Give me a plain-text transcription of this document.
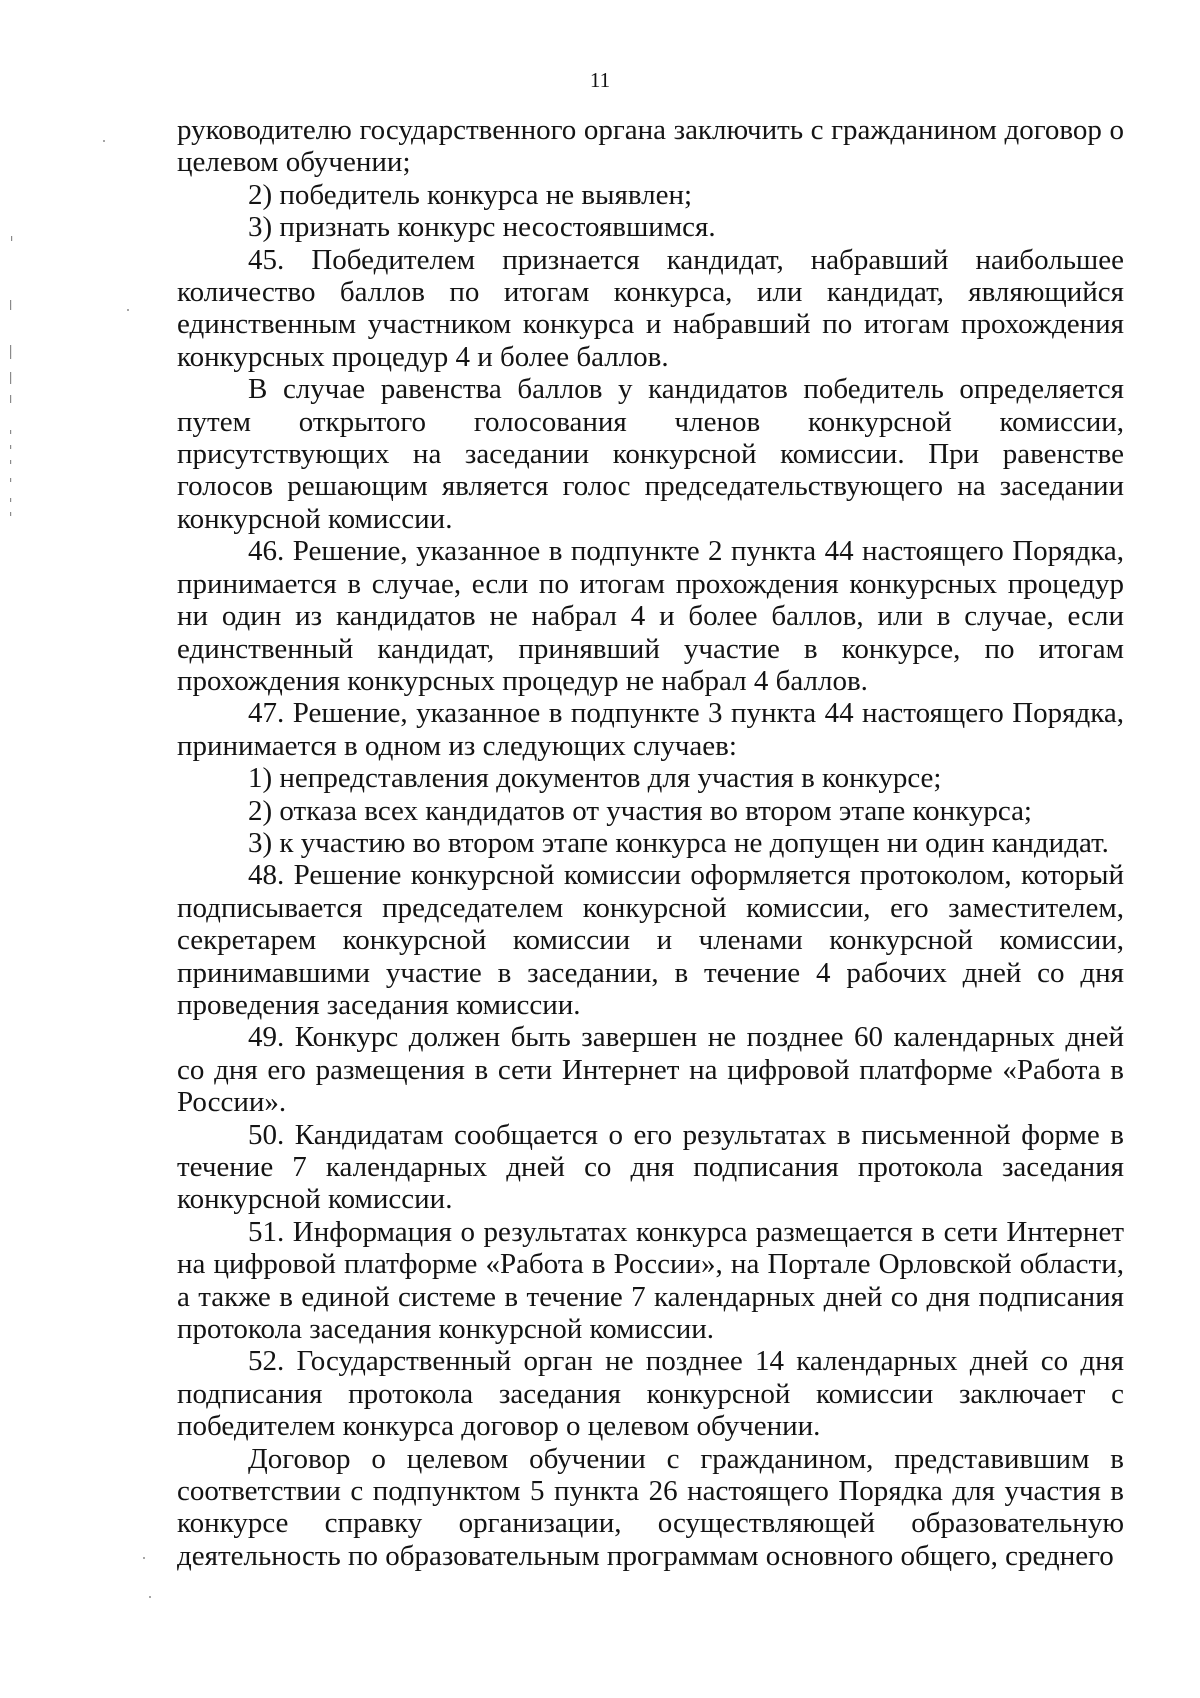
11

руководителю государственного органа заключить с гражданином договор о целевом обучении;

2) победитель конкурса не выявлен;

3) признать конкурс несостоявшимся.

45. Победителем признается кандидат, набравший наибольшее количество баллов по итогам конкурса, или кандидат, являющийся единственным участником конкурса и набравший по итогам прохождения конкурсных процедур 4 и более баллов.

В случае равенства баллов у кандидатов победитель определяется путем открытого голосования членов конкурсной комиссии, присутствующих на заседании конкурсной комиссии. При равенстве голосов решающим является голос председательствующего на заседании конкурсной комиссии.

46. Решение, указанное в подпункте 2 пункта 44 настоящего Порядка, принимается в случае, если по итогам прохождения конкурсных процедур ни один из кандидатов не набрал 4 и более баллов, или в случае, если единственный кандидат, принявший участие в конкурсе, по итогам прохождения конкурсных процедур не набрал 4 баллов.

47. Решение, указанное в подпункте 3 пункта 44 настоящего Порядка, принимается в одном из следующих случаев:

1) непредставления документов для участия в конкурсе;

2) отказа всех кандидатов от участия во втором этапе конкурса;

3) к участию во втором этапе конкурса не допущен ни один кандидат.

48. Решение конкурсной комиссии оформляется протоколом, который подписывается председателем конкурсной комиссии, его заместителем, секретарем конкурсной комиссии и членами конкурсной комиссии, принимавшими участие в заседании, в течение 4 рабочих дней со дня проведения заседания комиссии.

49. Конкурс должен быть завершен не позднее 60 календарных дней со дня его размещения в сети Интернет на цифровой платформе «Работа в России».

50. Кандидатам сообщается о его результатах в письменной форме в течение 7 календарных дней со дня подписания протокола заседания конкурсной комиссии.

51. Информация о результатах конкурса размещается в сети Интернет на цифровой платформе «Работа в России», на Портале Орловской области, а также в единой системе в течение 7 календарных дней со дня подписания протокола заседания конкурсной комиссии.

52. Государственный орган не позднее 14 календарных дней со дня подписания протокола заседания конкурсной комиссии заключает с победителем конкурса договор о целевом обучении.

Договор о целевом обучении с гражданином, представившим в соответствии с подпунктом 5 пункта 26 настоящего Порядка для участия в конкурсе справку организации, осуществляющей образовательную деятельность по образовательным программам основного общего, среднего
